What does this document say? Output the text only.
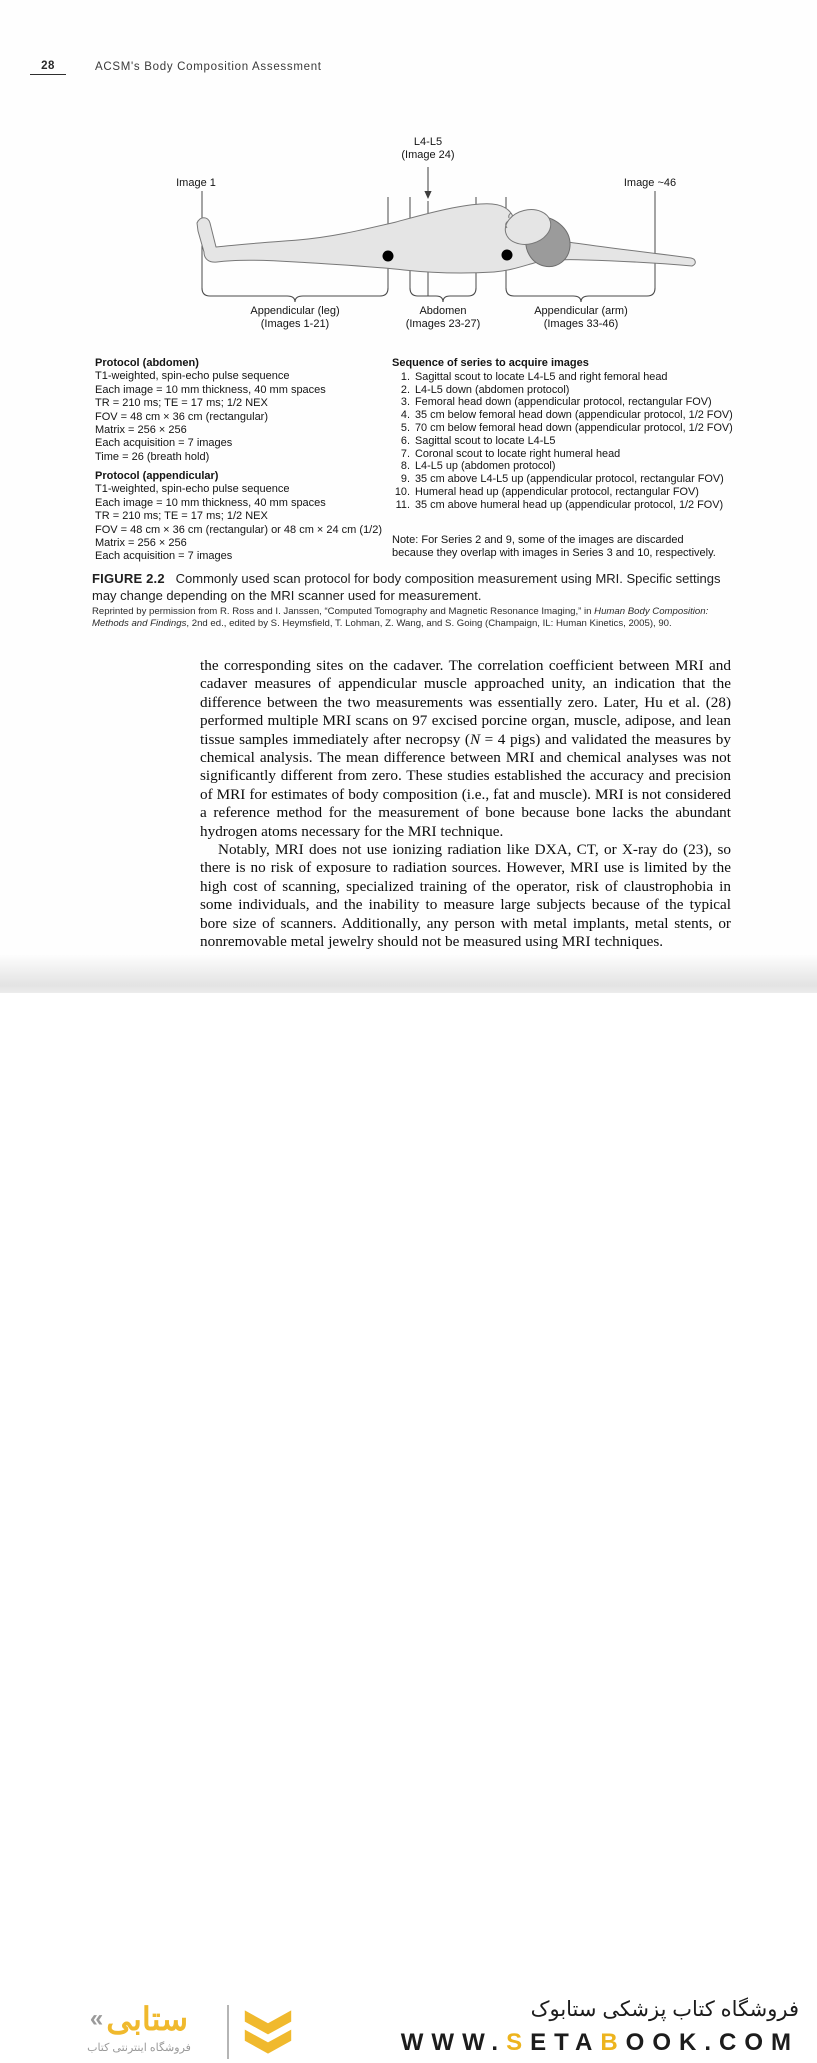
28	ACSM's Body Composition Assessment
L4-L5
(Image 24)
Image 1	Image ~46
Appendicular (leg)
(Images 1-21)
Abdomen
(Images 23-27)
Appendicular (arm)
(Images 33-46)
Protocol (abdomen)
T1-weighted, spin-echo pulse sequence
Each image = 10 mm thickness, 40 mm spaces
TR = 210 ms; TE = 17 ms; 1/2 NEX
FOV = 48 cm × 36 cm (rectangular)
Matrix = 256 × 256
Each acquisition = 7 images
Time = 26 (breath hold)
Protocol (appendicular)
T1-weighted, spin-echo pulse sequence
Each image = 10 mm thickness, 40 mm spaces
TR = 210 ms; TE = 17 ms; 1/2 NEX
FOV = 48 cm × 36 cm (rectangular) or 48 cm × 24 cm (1/2)
Matrix = 256 × 256
Each acquisition = 7 images
Sequence of series to acquire images
1. Sagittal scout to locate L4-L5 and right femoral head
2. L4-L5 down (abdomen protocol)
3. Femoral head down (appendicular protocol, rectangular FOV)
4. 35 cm below femoral head down (appendicular protocol, 1/2 FOV)
5. 70 cm below femoral head down (appendicular protocol, 1/2 FOV)
6. Sagittal scout to locate L4-L5
7. Coronal scout to locate right humeral head
8. L4-L5 up (abdomen protocol)
9. 35 cm above L4-L5 up (appendicular protocol, rectangular FOV)
10. Humeral head up (appendicular protocol, rectangular FOV)
11. 35 cm above humeral head up (appendicular protocol, 1/2 FOV)
Note: For Series 2 and 9, some of the images are discarded because they overlap with images in Series 3 and 10, respectively.
FIGURE 2.2 Commonly used scan protocol for body composition measurement using MRI. Specific settings may change depending on the MRI scanner used for measurement.
Reprinted by permission from R. Ross and I. Janssen, “Computed Tomography and Magnetic Resonance Imaging,” in Human Body Composition: Methods and Findings, 2nd ed., edited by S. Heymsfield, T. Lohman, Z. Wang, and S. Going (Champaign, IL: Human Kinetics, 2005), 90.

the corresponding sites on the cadaver. The correlation coefficient between MRI and cadaver measures of appendicular muscle approached unity, an indication that the difference between the two measurements was essentially zero. Later, Hu et al. (28) performed multiple MRI scans on 97 excised porcine organ, muscle, adipose, and lean tissue samples immediately after necropsy (N = 4 pigs) and validated the measures by chemical analysis. The mean difference between MRI and chemical analyses was not significantly different from zero. These studies established the accuracy and precision of MRI for estimates of body composition (i.e., fat and muscle). MRI is not considered a reference method for the measurement of bone because bone lacks the abundant hydrogen atoms necessary for the MRI technique.

Notably, MRI does not use ionizing radiation like DXA, CT, or X-ray do (23), so there is no risk of exposure to radiation sources. However, MRI use is limited by the high cost of scanning, specialized training of the operator, risk of claustrophobia in some individuals, and the inability to measure large subjects because of the typical bore size of scanners. Additionally, any person with metal implants, metal stents, or nonremovable metal jewelry should not be measured using MRI techniques.

« ستابی
فروشگاه اینترنتی کتاب
فروشگاه کتاب پزشکی ستابوک
WWW.SETABOOK.COM
